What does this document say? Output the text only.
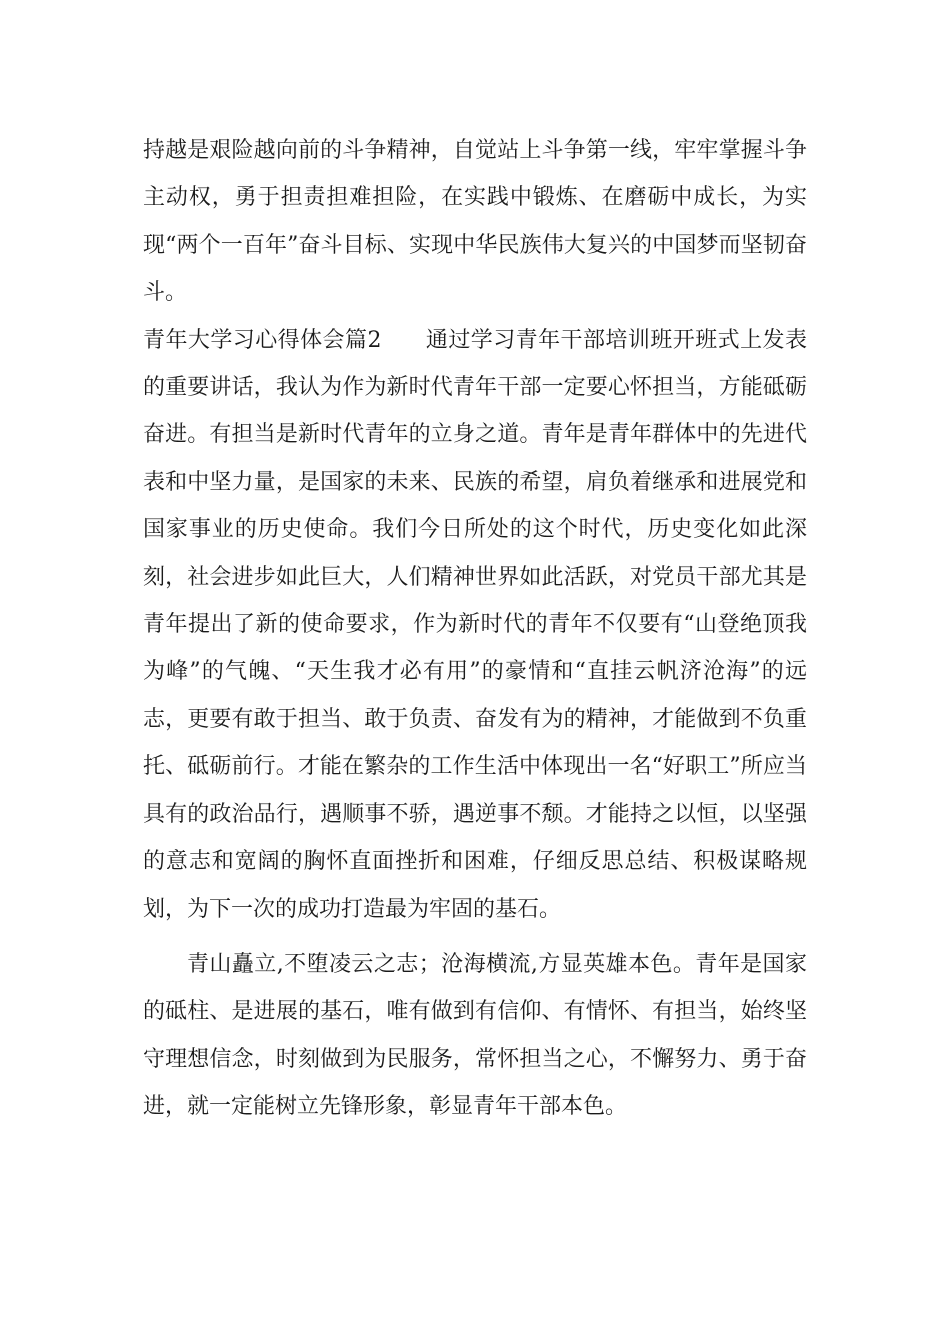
持越是艰险越向前的斗争精神，自觉站上斗争第一线，牢牢掌握斗争主动权，勇于担责担难担险，在实践中锻炼、在磨砺中成长，为实现“两个一百年”奋斗目标、实现中华民族伟大复兴的中国梦而坚韧奋斗。

青年大学习心得体会篇2 通过学习青年干部培训班开班式上发表的重要讲话，我认为作为新时代青年干部一定要心怀担当，方能砥砺奋进。有担当是新时代青年的立身之道。青年是青年群体中的先进代表和中坚力量，是国家的未来、民族的希望，肩负着继承和进展党和国家事业的历史使命。我们今日所处的这个时代，历史变化如此深刻，社会进步如此巨大，人们精神世界如此活跃，对党员干部尤其是青年提出了新的使命要求，作为新时代的青年不仅要有“山登绝顶我为峰”的气魄、“天生我才必有用”的豪情和“直挂云帆济沧海”的远志，更要有敢于担当、敢于负责、奋发有为的精神，才能做到不负重托、砥砺前行。才能在繁杂的工作生活中体现出一名“好职工”所应当具有的政治品行，遇顺事不骄，遇逆事不颓。才能持之以恒，以坚强的意志和宽阔的胸怀直面挫折和困难，仔细反思总结、积极谋略规划，为下一次的成功打造最为牢固的基石。

青山矗立,不堕凌云之志；沧海横流,方显英雄本色。青年是国家的砥柱、是进展的基石，唯有做到有信仰、有情怀、有担当，始终坚守理想信念，时刻做到为民服务，常怀担当之心，不懈努力、勇于奋进，就一定能树立先锋形象，彰显青年干部本色。
